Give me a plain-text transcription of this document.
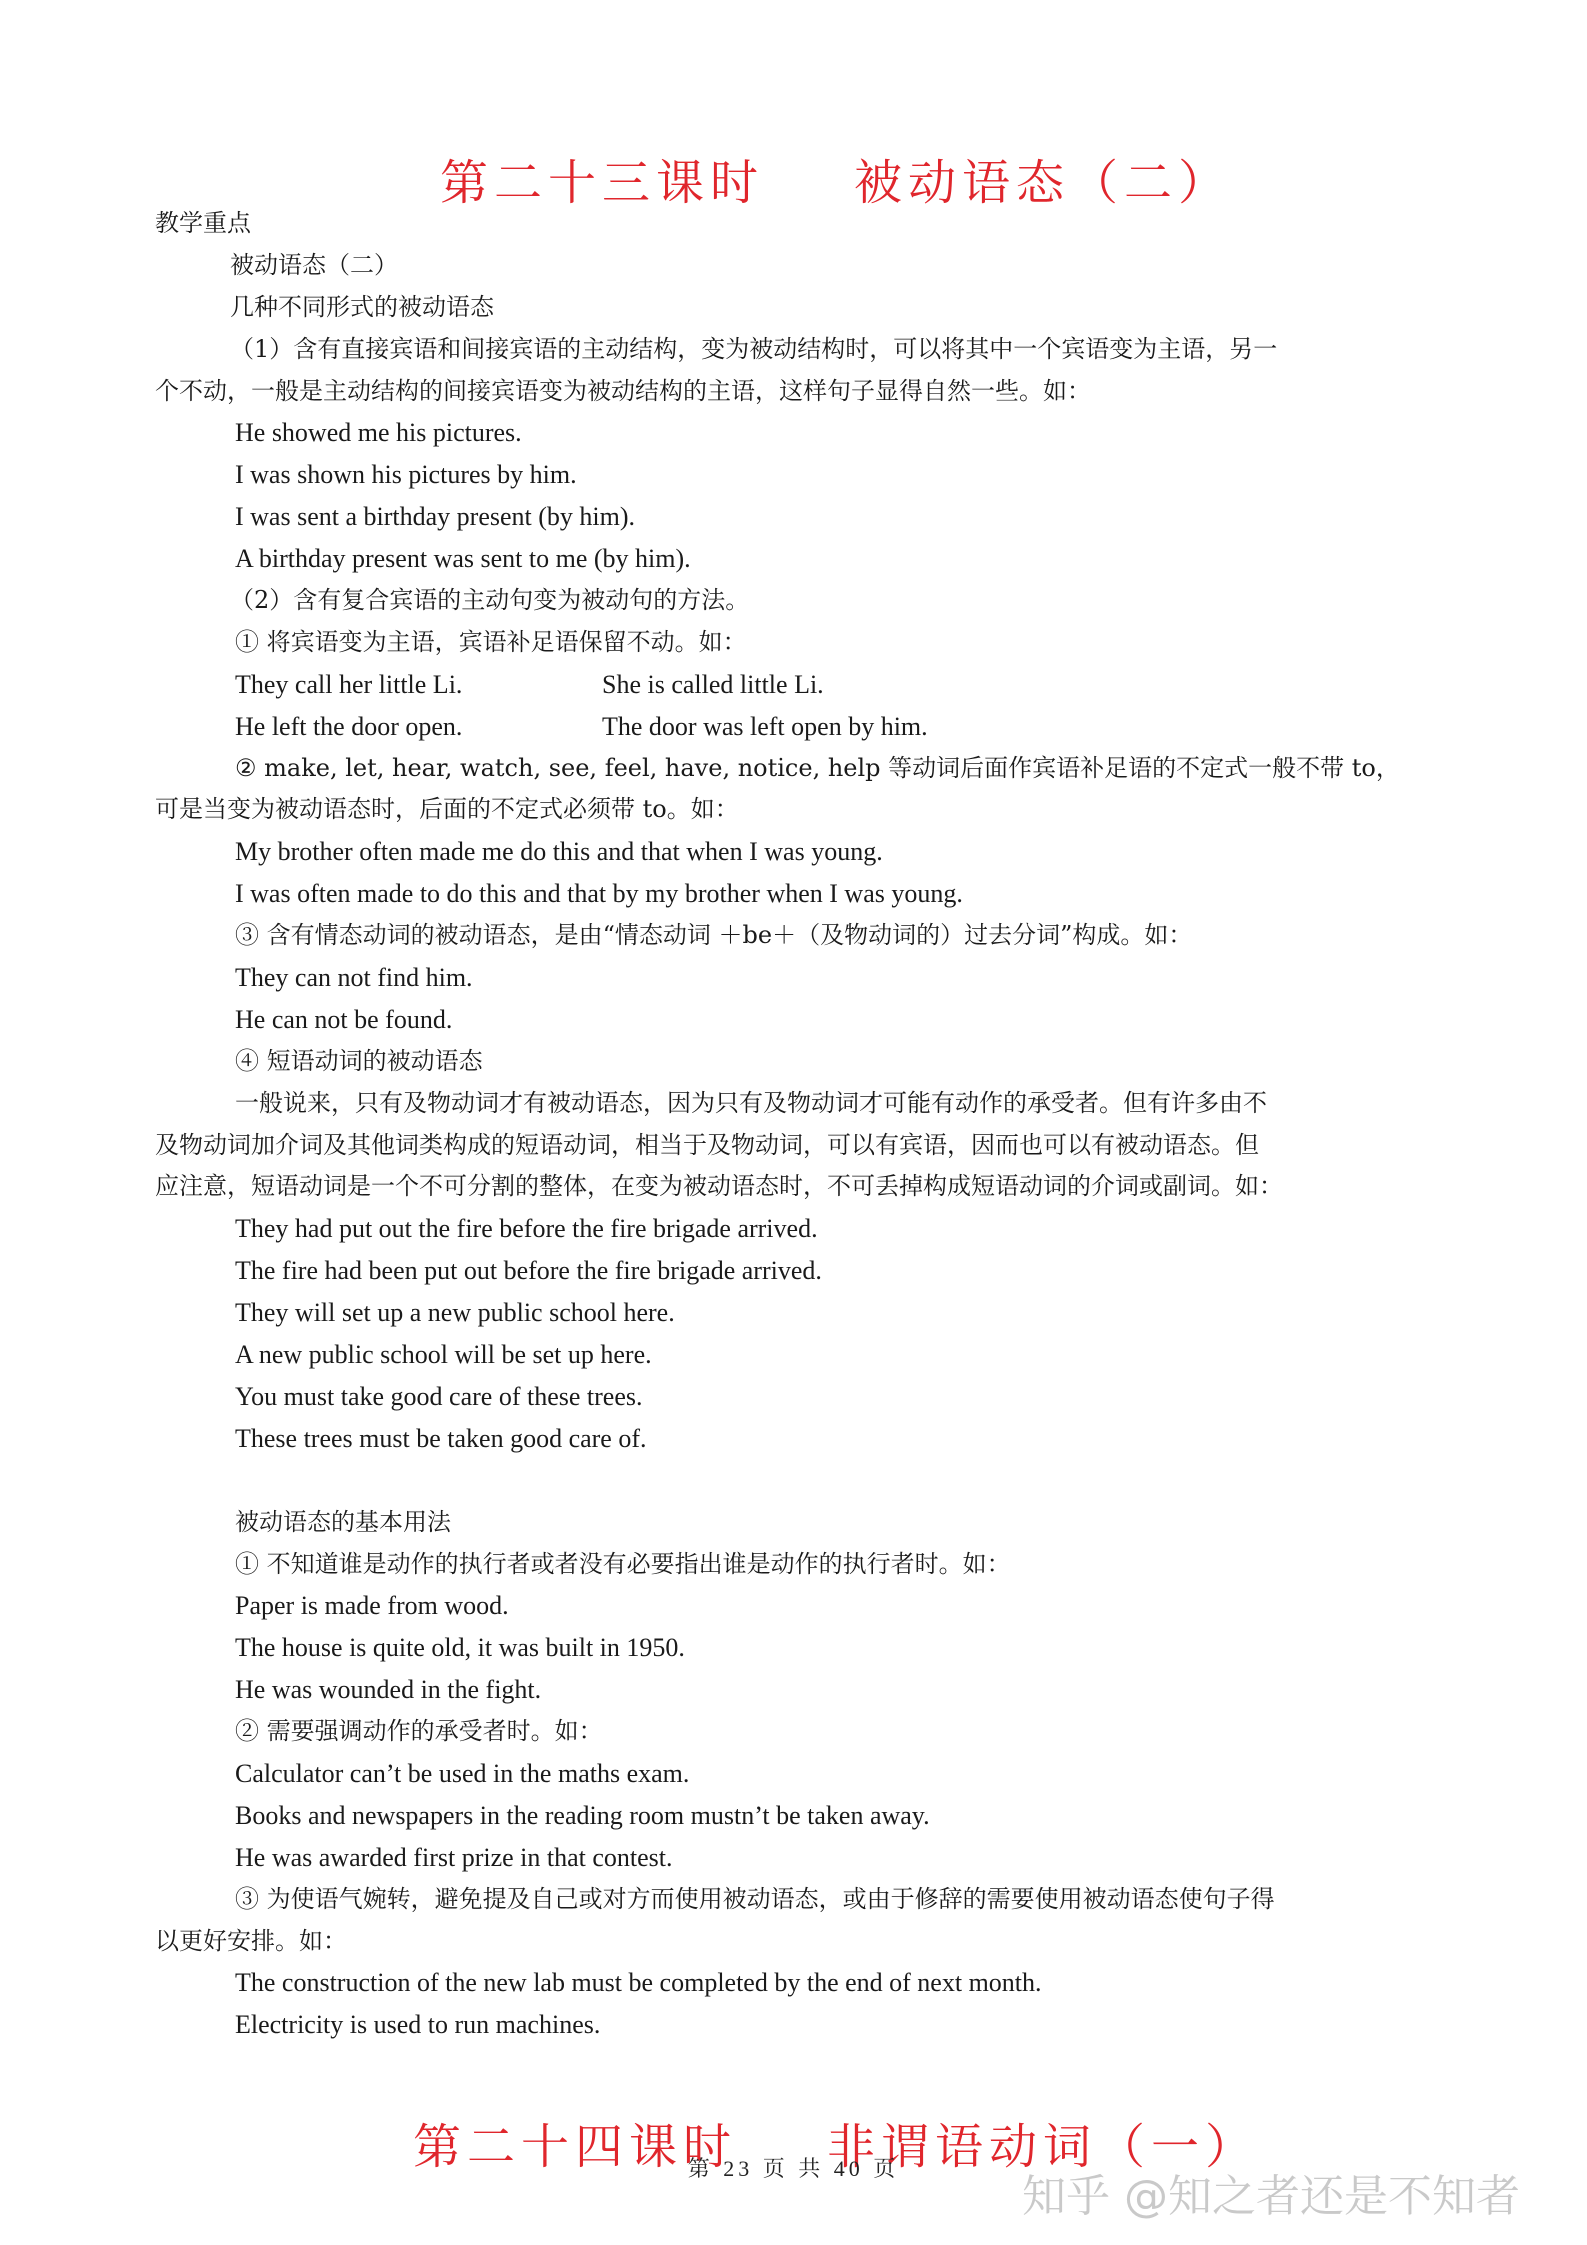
第二十三课时 被动语态（二）

教学重点
被动语态（二）
几种不同形式的被动语态
（1）含有直接宾语和间接宾语的主动结构，变为被动结构时，可以将其中一个宾语变为主语，另一
个不动，一般是主动结构的间接宾语变为被动结构的主语，这样句子显得自然一些。如：
He showed me his pictures.
I was shown his pictures by him.
I was sent a birthday present (by him).
A birthday present was sent to me (by him).
（2）含有复合宾语的主动句变为被动句的方法。
① 将宾语变为主语，宾语补足语保留不动。如：
They call her little Li.	She is called little Li.
He left the door open.	The door was left open by him.
② make, let, hear, watch, see, feel, have, notice, help 等动词后面作宾语补足语的不定式一般不带 to，
可是当变为被动语态时，后面的不定式必须带 to。如：
My brother often made me do this and that when I was young.
I was often made to do this and that by my brother when I was young.
③ 含有情态动词的被动语态，是由“情态动词 ＋be＋（及物动词的）过去分词”构成。如：
They can not find him.
He can not be found.
④ 短语动词的被动语态
一般说来，只有及物动词才有被动语态，因为只有及物动词才可能有动作的承受者。但有许多由不
及物动词加介词及其他词类构成的短语动词，相当于及物动词，可以有宾语，因而也可以有被动语态。但
应注意，短语动词是一个不可分割的整体，在变为被动语态时，不可丢掉构成短语动词的介词或副词。如：
They had put out the fire before the fire brigade arrived.
The fire had been put out before the fire brigade arrived.
They will set up a new public school here.
A new public school will be set up here.
You must take good care of these trees.
These trees must be taken good care of.
被动语态的基本用法
① 不知道谁是动作的执行者或者没有必要指出谁是动作的执行者时。如：
Paper is made from wood.
The house is quite old, it was built in 1950.
He was wounded in the fight.
② 需要强调动作的承受者时。如：
Calculator can’t be used in the maths exam.
Books and newspapers in the reading room mustn’t be taken away.
He was awarded first prize in that contest.
③ 为使语气婉转，避免提及自己或对方而使用被动语态，或由于修辞的需要使用被动语态使句子得
以更好安排。如：
The construction of the new lab must be completed by the end of next month.
Electricity is used to run machines.

第二十四课时 非谓语动词（一）

第 23 页 共 40 页
知乎 @知之者还是不知者
